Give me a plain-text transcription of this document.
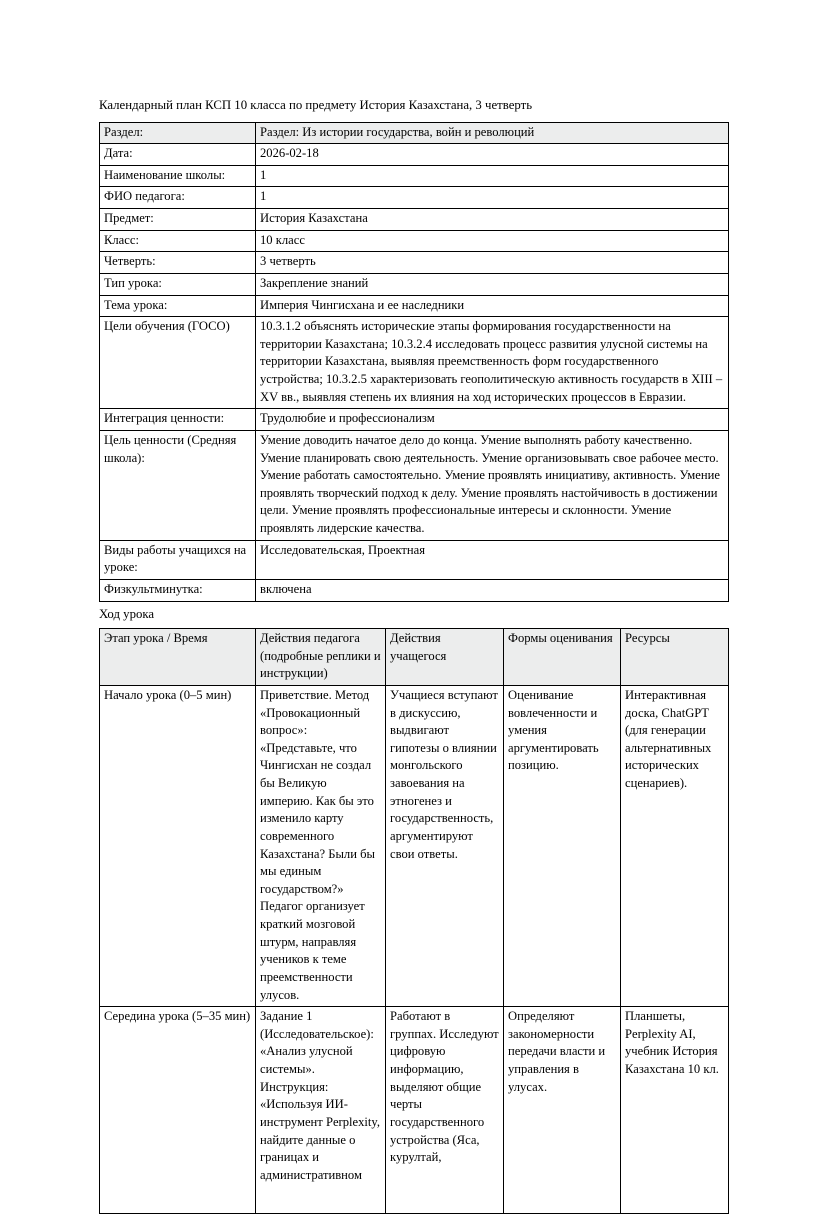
Календарный план КСП 10 класса по предмету История Казахстана, 3 четверть
Раздел:	Раздел: Из истории государства, войн и революций
Дата:	2026-02-18
Наименование школы:	1
ФИО педагога:	1
Предмет:	История Казахстана
Класс:	10 класс
Четверть:	3 четверть
Тип урока:	Закрепление знаний
Тема урока:	Империя Чингисхана и ее наследники
Цели обучения (ГОСО)	10.3.1.2 объяснять исторические этапы формирования государственности на территории Казахстана; 10.3.2.4 исследовать процесс развития улусной системы на территории Казахстана, выявляя преемственность форм государственного устройства; 10.3.2.5 характеризовать геополитическую активность государств в XIII –XV вв., выявляя степень их влияния на ход исторических процессов в Евразии.
Интеграция ценности:	Трудолюбие и профессионализм
Цель ценности (Средняя школа):	Умение доводить начатое дело до конца. Умение выполнять работу качественно. Умение планировать свою деятельность. Умение организовывать свое рабочее место. Умение работать самостоятельно. Умение проявлять инициативу, активность. Умение проявлять творческий подход к делу. Умение проявлять настойчивость в достижении цели. Умение проявлять профессиональные интересы и склонности. Умение проявлять лидерские качества.
Виды работы учащихся на уроке:	Исследовательская, Проектная
Физкультминутка:	включена
Ход урока
Этап урока / Время	Действия педагога (подробные реплики и инструкции)	Действия учащегося	Формы оценивания	Ресурсы
Начало урока (0–5 мин)	Приветствие. Метод «Провокационный вопрос»: «Представьте, что Чингисхан не создал бы Великую империю. Как бы это изменило карту современного Казахстана? Были бы мы единым государством?» Педагог организует краткий мозговой штурм, направляя учеников к теме преемственности улусов.	Учащиеся вступают в дискуссию, выдвигают гипотезы о влиянии монгольского завоевания на этногенез и государственность, аргументируют свои ответы.	Оценивание вовлеченности и умения аргументировать позицию.	Интерактивная доска, ChatGPT (для генерации альтернативных исторических сценариев).

Середина урока (5–35 мин)	Задание 1 (Исследовательское): «Анализ улусной системы». Инструкция: «Используя ИИ-инструмент Perplexity, найдите данные о границах и административном	Работают в группах. Исследуют цифровую информацию, выделяют общие черты государственного устройства (Яса, курултай,	Определяют закономерности передачи власти и управления в улусах.	Планшеты, Perplexity AI, учебник История Казахстана 10 кл.
